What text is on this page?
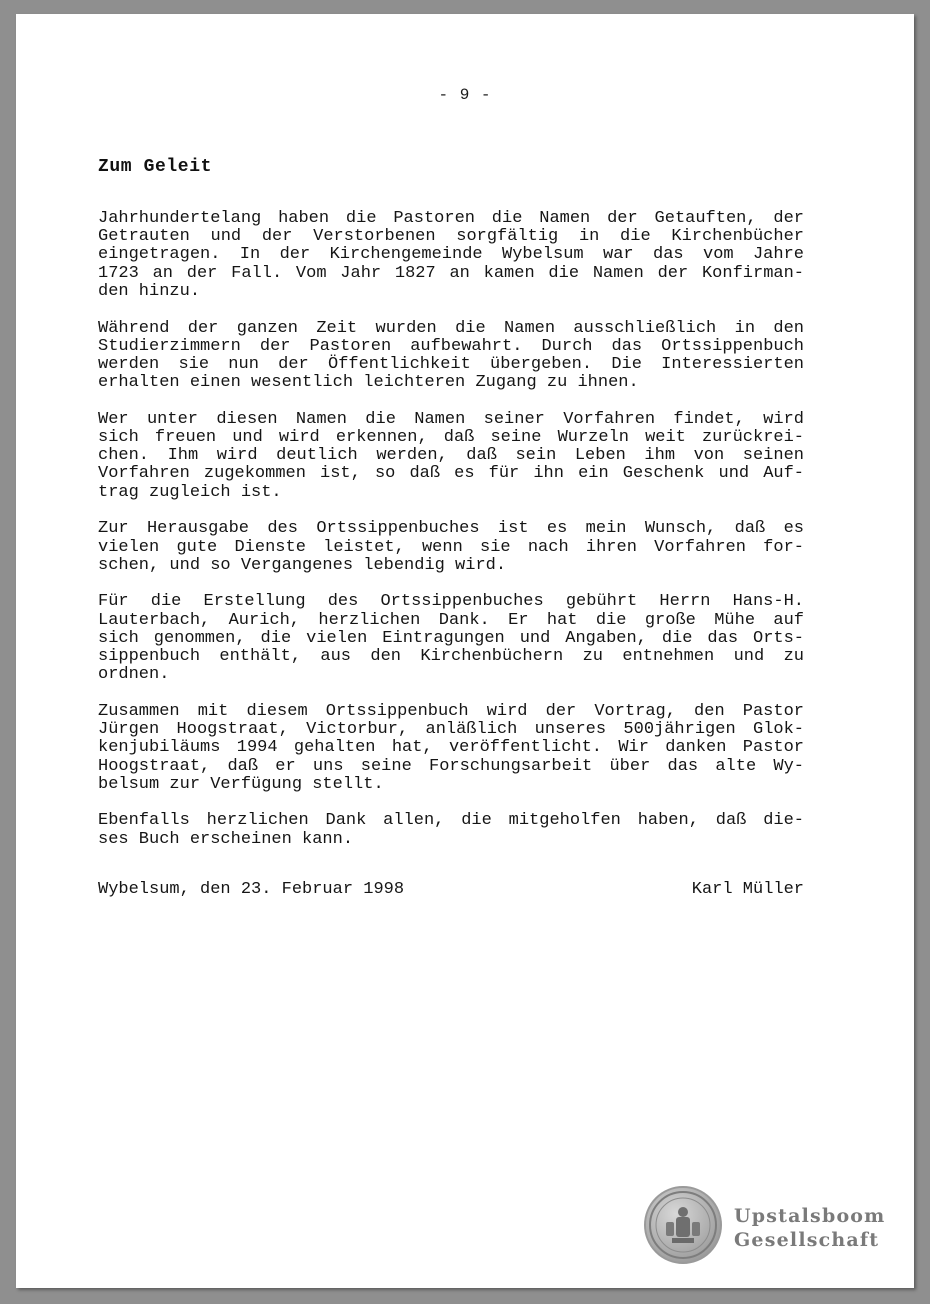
- 9 -
Zum Geleit
Jahrhundertelang haben die Pastoren die Namen der Getauften, der
Getrauten und der Verstorbenen sorgfältig in die Kirchenbücher
eingetragen. In der Kirchengemeinde Wybelsum war das vom Jahre
1723 an der Fall. Vom Jahr 1827 an kamen die Namen der Konfirman-
den hinzu.
Während der ganzen Zeit wurden die Namen ausschließlich in den
Studierzimmern der Pastoren aufbewahrt. Durch das Ortssippenbuch
werden sie nun der Öffentlichkeit übergeben. Die Interessierten
erhalten einen wesentlich leichteren Zugang zu ihnen.
Wer unter diesen Namen die Namen seiner Vorfahren findet, wird
sich freuen und wird erkennen, daß seine Wurzeln weit zurückrei-
chen. Ihm wird deutlich werden, daß sein Leben ihm von seinen
Vorfahren zugekommen ist, so daß es für ihn ein Geschenk und Auf-
trag zugleich ist.
Zur Herausgabe des Ortssippenbuches ist es mein Wunsch, daß es
vielen gute Dienste leistet, wenn sie nach ihren Vorfahren for-
schen, und so Vergangenes lebendig wird.
Für die Erstellung des Ortssippenbuches gebührt Herrn Hans-H.
Lauterbach, Aurich, herzlichen Dank. Er hat die große Mühe auf
sich genommen, die vielen Eintragungen und Angaben, die das Orts-
sippenbuch enthält, aus den Kirchenbüchern zu entnehmen und zu
ordnen.
Zusammen mit diesem Ortssippenbuch wird der Vortrag, den Pastor
Jürgen Hoogstraat, Victorbur, anläßlich unseres 500jährigen Glok-
kenjubiläums 1994 gehalten hat, veröffentlicht. Wir danken Pastor
Hoogstraat, daß er uns seine Forschungsarbeit über das alte Wy-
belsum zur Verfügung stellt.
Ebenfalls herzlichen Dank allen, die mitgeholfen haben, daß die-
ses Buch erscheinen kann.
Wybelsum, den 23. Februar 1998	Karl Müller
Upstalsboom
Gesellschaft
